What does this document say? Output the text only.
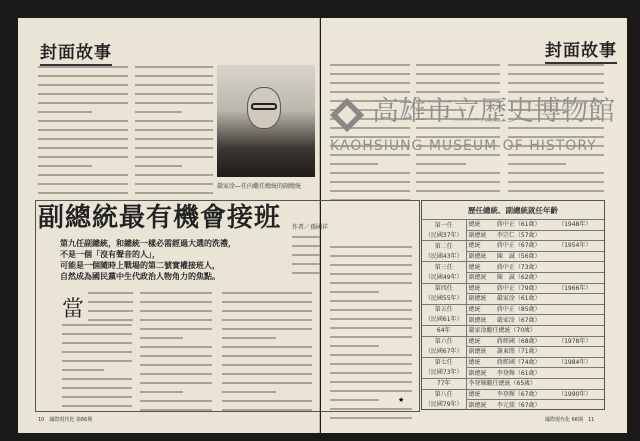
封面故事	封面故事
嚴家淦—任內繼任總統的副總統
高雄市立歷史博物館
KAOHSIUNG MUSEUM OF HISTORY
副總統最有機會接班 作者／孫國祥
第九任副總統，和總統一樣必需經過大選的洗禮，
不是一個「沒有聲音的人」，
可能是一個隨時上戰場的第二號實權接班人，
自然成為國民黨中生代政治人物角力的焦點。
當
★
歷任總統、副總統就任年齡
第一任	總統	蔣中正（61歲）	（1948年）
（民國37年）	副總統	李宗仁（57歲）	
第二任	總統	蔣中正（67歲）	（1954年）
（民國43年）	副總統	陳　誠（56歲）	
第三任	總統	蔣中正（73歲）	
（民國49年）	副總統	陳　誠（62歲）	
第四任	總統	蔣中正（79歲）	（1966年）
（民國55年）	副總統	嚴家淦（61歲）	
第五任	總統	蔣中正（85歲）	
（民國61年）	副總統	嚴家淦（67歲）	
64年	嚴家淦繼任總統（70歲）		
第六任	總統	蔣經國（68歲）	（1978年）
（民國67年）	副總統	謝東閔（71歲）	
第七任	總統	蔣經國（74歲）	（1984年）
（民國73年）	副總統	李登輝（61歲）	
77年	李登輝繼任總統（65歲）		
第八任	總統	李登輝（67歲）	（1990年）
（民國79年）	副總統	李元簇（67歲）	
10　國際現代化 第66期	國際現代化 66期　11
